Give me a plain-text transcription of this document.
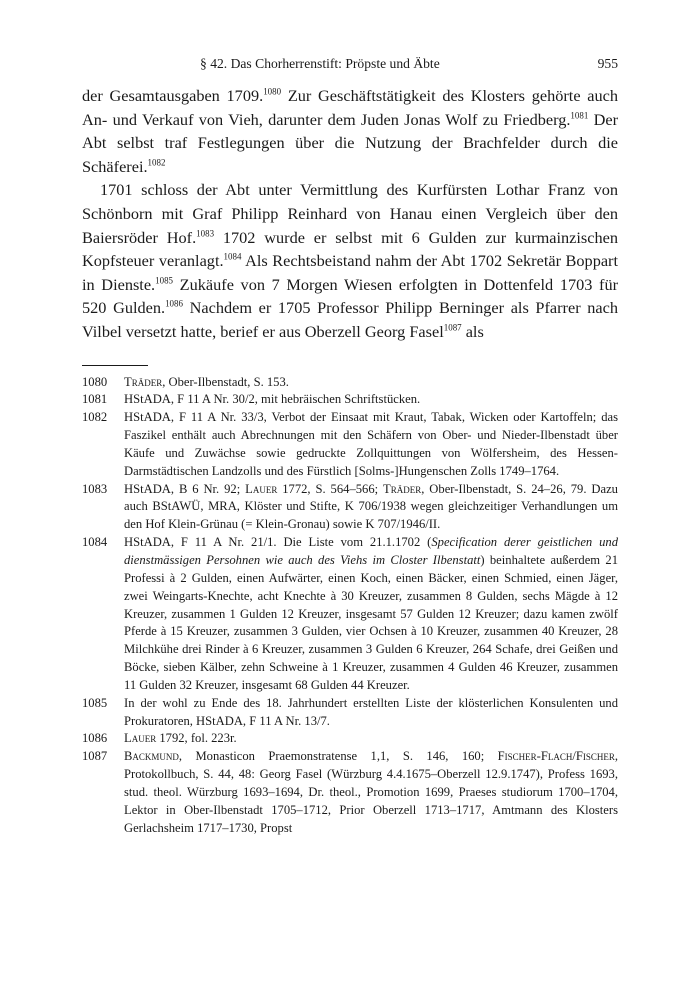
§ 42. Das Chorherrenstift: Pröpste und Äbte	955

der Gesamtausgaben 1709.$^{1080}$ Zur Geschäftstätigkeit des Klosters gehörte auch An- und Verkauf von Vieh, darunter dem Juden Jonas Wolf zu Friedberg.$^{1081}$ Der Abt selbst traf Festlegungen über die Nutzung der Brachfelder durch die Schäferei.$^{1082}$

1701 schloss der Abt unter Vermittlung des Kurfürsten Lothar Franz von Schönborn mit Graf Philipp Reinhard von Hanau einen Vergleich über den Baiersröder Hof.$^{1083}$ 1702 wurde er selbst mit 6 Gulden zur kurmainzischen Kopfsteuer veranlagt.$^{1084}$ Als Rechtsbeistand nahm der Abt 1702 Sekretär Boppart in Dienste.$^{1085}$ Zukäufe von 7 Morgen Wiesen erfolgten in Dottenfeld 1703 für 520 Gulden.$^{1086}$ Nachdem er 1705 Professor Philipp Berninger als Pfarrer nach Vilbel versetzt hatte, berief er aus Oberzell Georg Fasel$^{1087}$ als

1080	Träder, Ober-Ilbenstadt, S. 153.
1081	HStADA, F 11 A Nr. 30/2, mit hebräischen Schriftstücken.
1082	HStADA, F 11 A Nr. 33/3, Verbot der Einsaat mit Kraut, Tabak, Wicken oder Kartoffeln; das Faszikel enthält auch Abrechnungen mit den Schäfern von Ober- und Nieder-Ilbenstadt über Käufe und Zuwächse sowie gedruckte Zollquittungen von Wölfersheim, des Hessen-Darmstädtischen Landzolls und des Fürstlich [Solms-]Hungenschen Zolls 1749–1764.
1083	HStADA, B 6 Nr. 92; Lauer 1772, S. 564–566; Träder, Ober-Ilbenstadt, S. 24–26, 79. Dazu auch BStAWÜ, MRA, Klöster und Stifte, K 706/1938 wegen gleichzeitiger Verhandlungen um den Hof Klein-Grünau (= Klein-Gronau) sowie K 707/1946/II.
1084	HStADA, F 11 A Nr. 21/1. Die Liste vom 21.1.1702 (Specification derer geistlichen und dienstmässigen Persohnen wie auch des Viehs im Closter Ilbenstatt) beinhaltete außerdem 21 Professi à 2 Gulden, einen Aufwärter, einen Koch, einen Bäcker, einen Schmied, einen Jäger, zwei Weingarts-Knechte, acht Knechte à 30 Kreuzer, zusammen 8 Gulden, sechs Mägde à 12 Kreuzer, zusammen 1 Gulden 12 Kreuzer, insgesamt 57 Gulden 12 Kreuzer; dazu kamen zwölf Pferde à 15 Kreuzer, zusammen 3 Gulden, vier Ochsen à 10 Kreuzer, zusammen 40 Kreuzer, 28 Milchkühe drei Rinder à 6 Kreuzer, zusammen 3 Gulden 6 Kreuzer, 264 Schafe, drei Geißen und Böcke, sieben Kälber, zehn Schweine à 1 Kreuzer, zusammen 4 Gulden 46 Kreuzer, zusammen 11 Gulden 32 Kreuzer, insgesamt 68 Gulden 44 Kreuzer.
1085	In der wohl zu Ende des 18. Jahrhundert erstellten Liste der klösterlichen Konsulenten und Prokuratoren, HStADA, F 11 A Nr. 13/7.
1086	Lauer 1792, fol. 223r.
1087	Backmund, Monasticon Praemonstratense 1,1, S. 146, 160; Fischer-Flach/Fischer, Protokollbuch, S. 44, 48: Georg Fasel (Würzburg 4.4.1675–Oberzell 12.9.1747), Profess 1693, stud. theol. Würzburg 1693–1694, Dr. theol., Promotion 1699, Praeses studiorum 1700–1704, Lektor in Ober-Ilbenstadt 1705–1712, Prior Oberzell 1713–1717, Amtmann des Klosters Gerlachsheim 1717–1730, Propst
